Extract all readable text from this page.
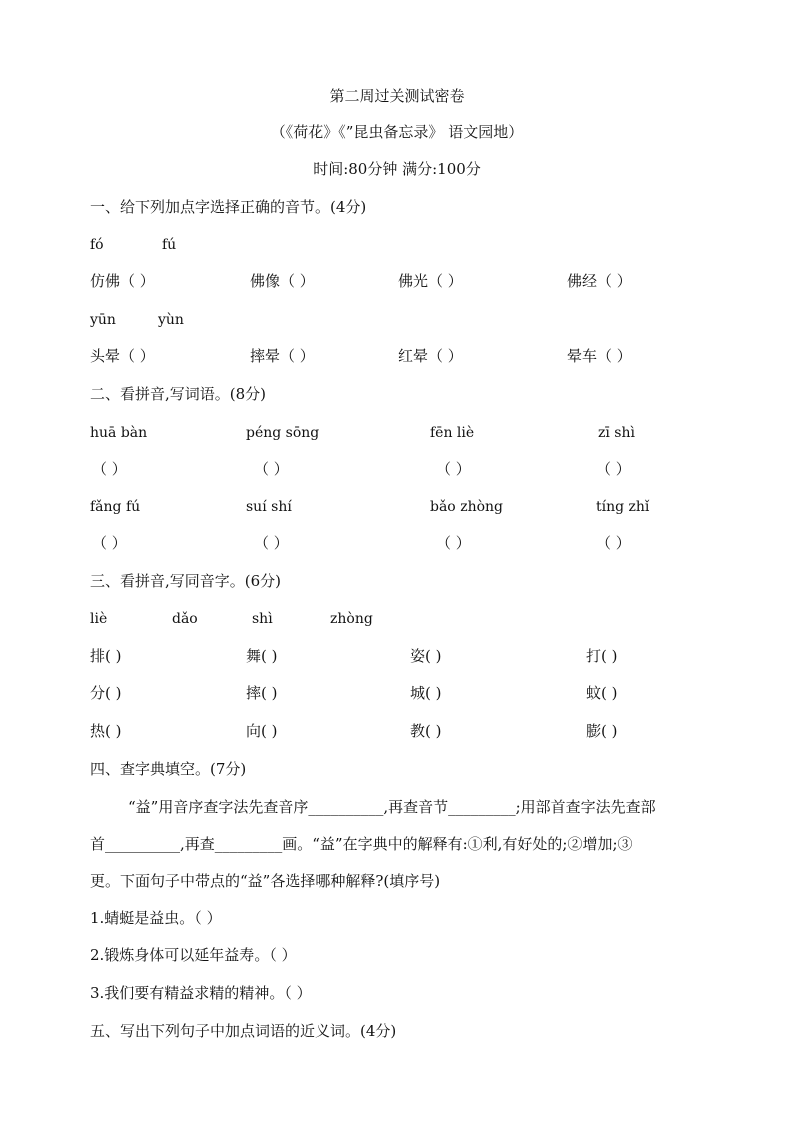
第二周过关测试密卷
（《荷花》《”昆虫备忘录》 语文园地）
时间:80分钟 满分:100分
一、给下列加点字选择正确的音节。(4分)
fó	fú
仿佛（ ）	佛像（ ）	佛光（ ）	佛经（ ）
yūn	yùn
头晕（ ）	摔晕（ ）	红晕（ ）	晕车（ ）
二、看拼音,写词语。(8分)
huā bàn	péng sōng	fēn liè	zī shì
（ ）	（ ）	（ ）	（ ）
fǎng fú	suí shí	bǎo zhòng	tíng zhǐ
（ ）	（ ）	（ ）	（ ）
三、看拼音,写同音字。(6分)
liè	dǎo	shì	zhòng
排( )	舞( )	姿( )	打( )
分( )	摔( )	城( )	蚊( )
热( )	向( )	教( )	膨( )
四、查字典填空。(7分)
“益”用音序查字法先查音序__________,再查音节_________;用部首查字法先查部
首__________,再查_________画。“益”在字典中的解释有:①利,有好处的;②增加;③
更。下面句子中带点的“益”各选择哪种解释?(填序号)
1.蜻蜓是益虫。（ ）
2.锻炼身体可以延年益寿。（ ）
3.我们要有精益求精的精神。（ ）
五、写出下列句子中加点词语的近义词。(4分)
